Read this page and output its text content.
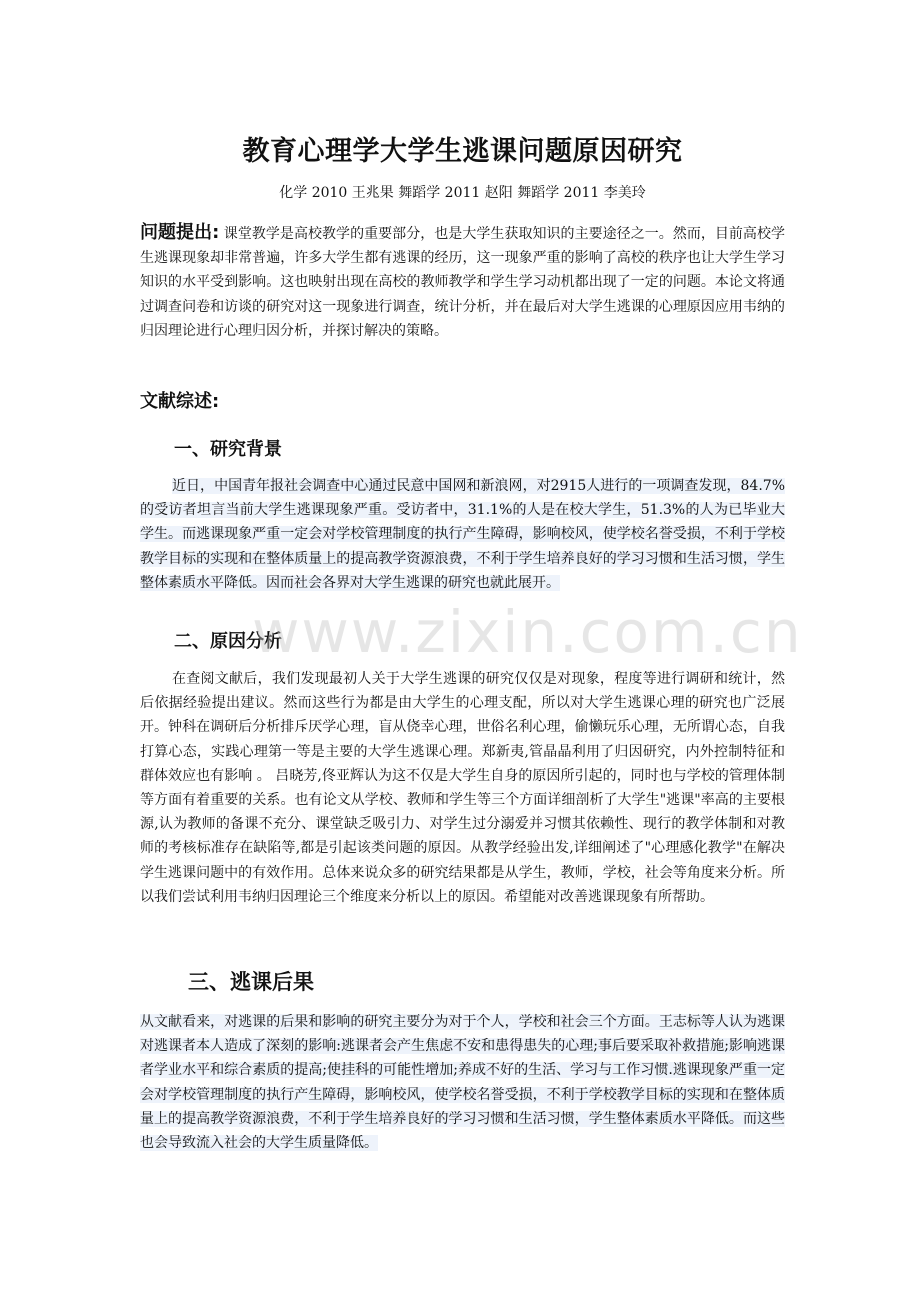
教育心理学大学生逃课问题原因研究

化学 2010 王兆果 舞蹈学 2011 赵阳 舞蹈学 2011 李美玲

问题提出: 课堂教学是高校教学的重要部分，也是大学生获取知识的主要途径之一。然而，目前高校学生逃课现象却非常普遍，许多大学生都有逃课的经历，这一现象严重的影响了高校的秩序也让大学生学习知识的水平受到影响。这也映射出现在高校的教师教学和学生学习动机都出现了一定的问题。本论文将通过调查问卷和访谈的研究对这一现象进行调查，统计分析，并在最后对大学生逃课的心理原因应用韦纳的归因理论进行心理归因分析，并探讨解决的策略。

文献综述:
一、研究背景

近日，中国青年报社会调查中心通过民意中国网和新浪网，对2915人进行的一项调查发现，84.7%的受访者坦言当前大学生逃课现象严重。受访者中，31.1%的人是在校大学生，51.3%的人为已毕业大学生。而逃课现象严重一定会对学校管理制度的执行产生障碍，影响校风，使学校名誉受损，不利于学校教学目标的实现和在整体质量上的提高教学资源浪费，不利于学生培养良好的学习习惯和生活习惯，学生整体素质水平降低。因而社会各界对大学生逃课的研究也就此展开。

二、原因分析

在查阅文献后，我们发现最初人关于大学生逃课的研究仅仅是对现象，程度等进行调研和统计，然后依据经验提出建议。然而这些行为都是由大学生的心理支配，所以对大学生逃课心理的研究也广泛展开。钟科在调研后分析排斥厌学心理，盲从侥幸心理，世俗名利心理，偷懒玩乐心理，无所谓心态，自我打算心态，实践心理第一等是主要的大学生逃课心理。郑新夷,管晶晶利用了归因研究，内外控制特征和群体效应也有影响 。 吕晓芳,佟亚辉认为这不仅是大学生自身的原因所引起的，同时也与学校的管理体制等方面有着重要的关系。也有论文从学校、教师和学生等三个方面详细剖析了大学生"逃课"率高的主要根源,认为教师的备课不充分、课堂缺乏吸引力、对学生过分溺爱并习惯其依赖性、现行的教学体制和对教师的考核标准存在缺陷等,都是引起该类问题的原因。从教学经验出发,详细阐述了"心理感化教学"在解决学生逃课问题中的有效作用。总体来说众多的研究结果都是从学生，教师，学校，社会等角度来分析。所以我们尝试利用韦纳归因理论三个维度来分析以上的原因。希望能对改善逃课现象有所帮助。

三、逃课后果

从文献看来，对逃课的后果和影响的研究主要分为对于个人，学校和社会三个方面。王志标等人认为逃课对逃课者本人造成了深刻的影响:逃课者会产生焦虑不安和患得患失的心理;事后要采取补救措施;影响逃课者学业水平和综合素质的提高;使挂科的可能性增加;养成不好的生活、学习与工作习惯.逃课现象严重一定会对学校管理制度的执行产生障碍，影响校风，使学校名誉受损，不利于学校教学目标的实现和在整体质量上的提高教学资源浪费，不利于学生培养良好的学习习惯和生活习惯，学生整体素质水平降低。而这些也会导致流入社会的大学生质量降低。

www.zixin.com.cn
